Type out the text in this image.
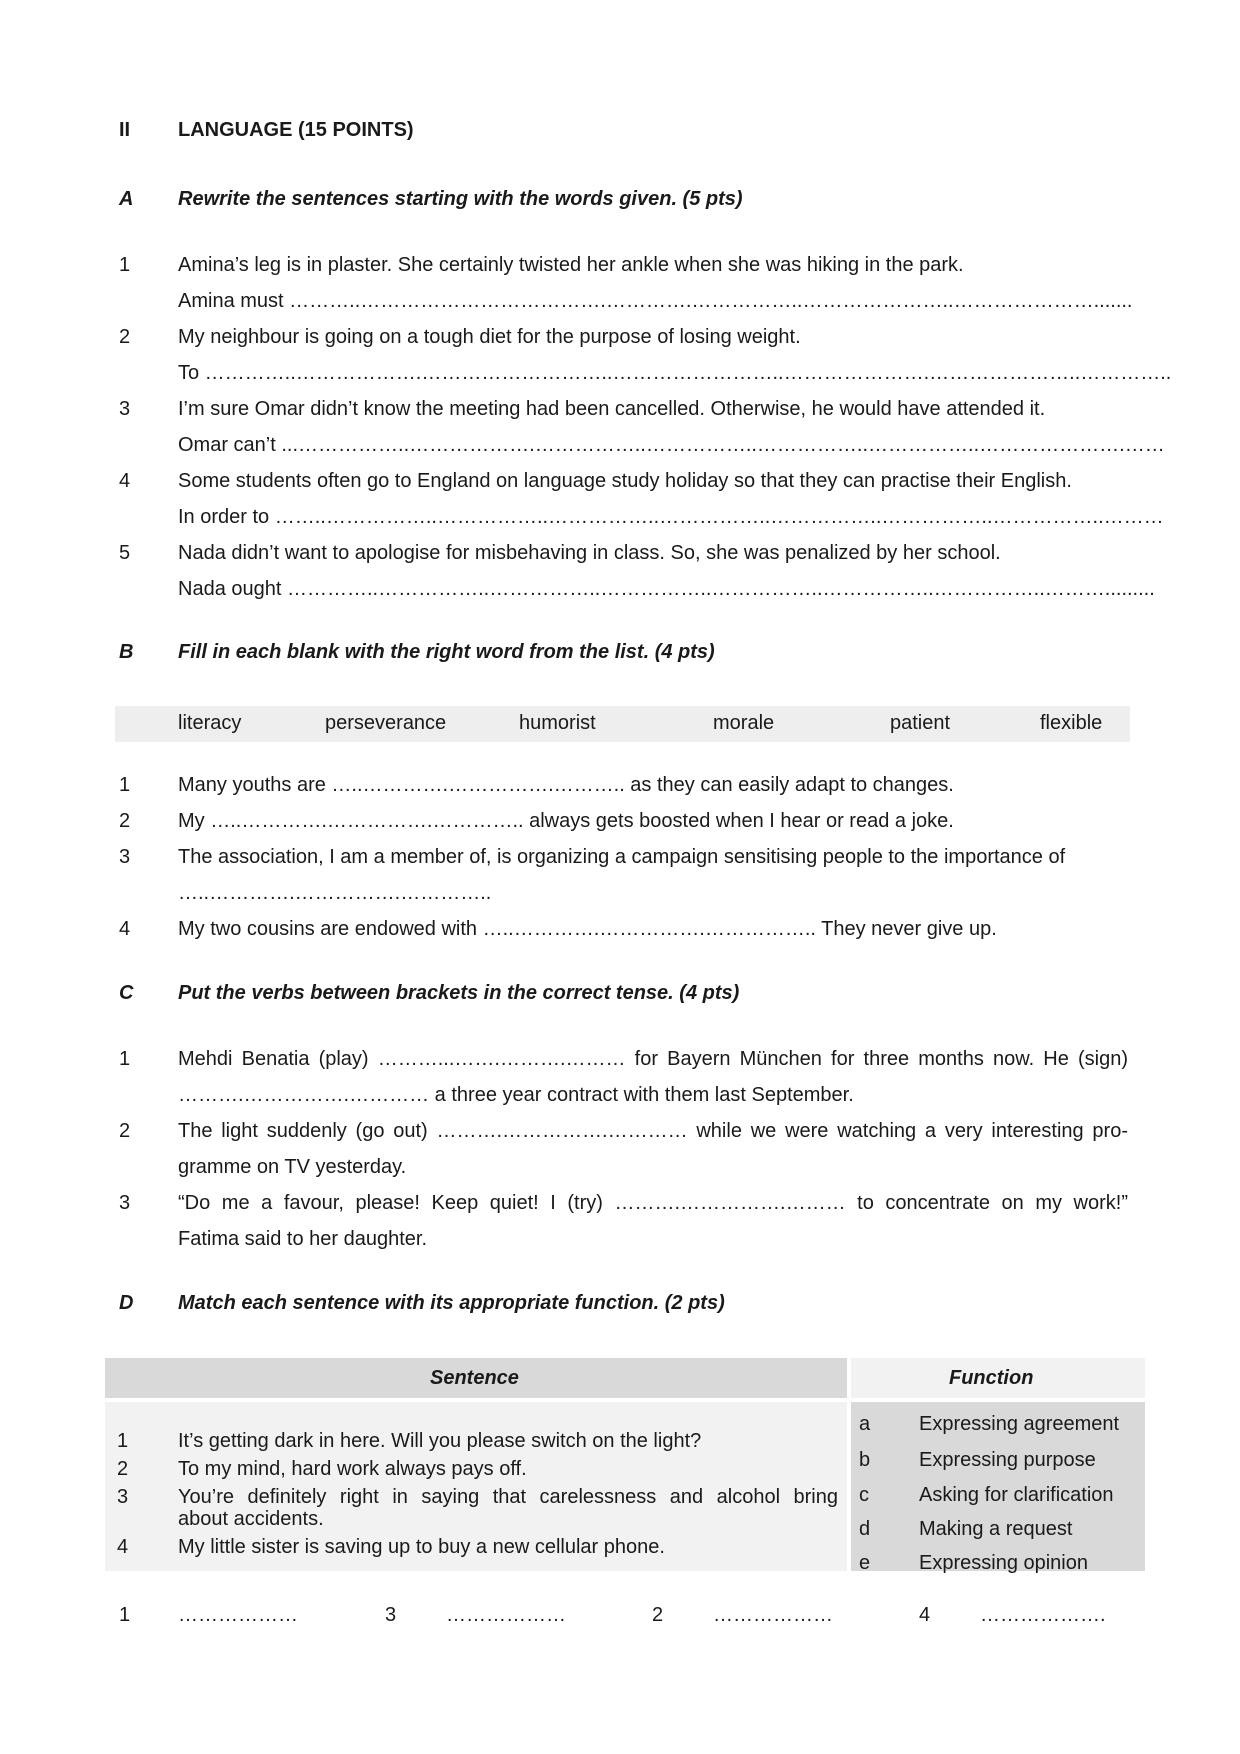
II LANGUAGE (15 POINTS)
A Rewrite the sentences starting with the words given. (5 pts)
1 Amina’s leg is in plaster. She certainly twisted her ankle when she was hiking in the park.
Amina must ………..……………………………….………….……………..…………………..………………….......
2 My neighbour is going on a tough diet for the purpose of losing weight.
To …………..……………….………………………..……………………..………………….…………………..…………..
3 I’m sure Omar didn’t know the meeting had been cancelled. Otherwise, he would have attended it.
Omar can’t ...……………..……………….……………..……………..……………..……………..………………….……
4 Some students often go to England on language study holiday so that they can practise their English.
In order to ……..……………..……………..……………..……………..……………..……………..……………..………
5 Nada didn’t want to apologise for misbehaving in class. So, she was penalized by her school.
Nada ought …………..……………..……………..……………..……………..……………..……………..……….........
B Fill in each blank with the right word from the list. (4 pts)
literacy	perseverance	humorist	morale	patient	flexible
1 Many youths are …..………….…………….……….. as they can easily adapt to changes.
2 My …..………….…………….………….. always gets boosted when I hear or read a joke.
3 The association, I am a member of, is organizing a campaign sensitising people to the importance of
…..………….…………….…………..
4 My two cousins are endowed with …..………….…………….…………….. They never give up.
C Put the verbs between brackets in the correct tense. (4 pts)
1 Mehdi Benatia (play) ………...…….……….……… for Bayern München for three months now. He (sign)
……….…………….………… a three year contract with them last September.
2 The light suddenly (go out) ……….…………….………… while we were watching a very interesting pro-
gramme on TV yesterday.
3 “Do me a favour, please! Keep quiet! I (try) ……….…………….……… to concentrate on my work!”
Fatima said to her daughter.
D Match each sentence with its appropriate function. (2 pts)
Sentence	Function
1 It’s getting dark in here. Will you please switch on the light?
2 To my mind, hard work always pays off.
3 You’re definitely right in saying that carelessness and alcohol bring
about accidents.
4 My little sister is saving up to buy a new cellular phone.
a Expressing agreement
b Expressing purpose
c	Asking for clarification
d Making a request
e Expressing opinion
1 ………………	3 ………………	2 ………………	4 ……………….
